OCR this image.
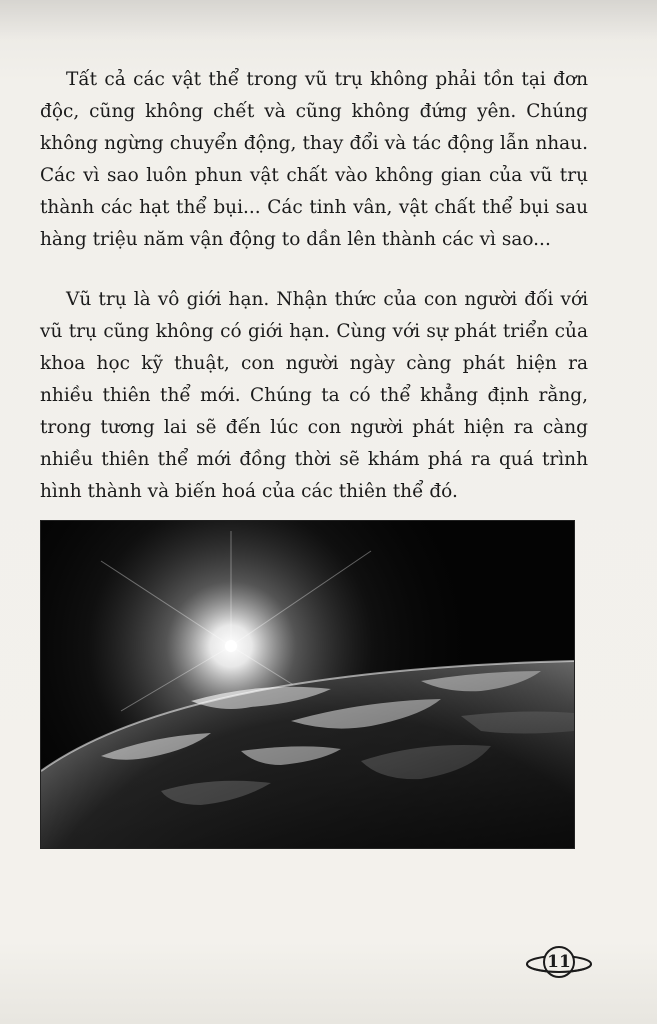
Tất cả các vật thể trong vũ trụ không phải tồn tại đơn độc, cũng không chết và cũng không đứng yên. Chúng không ngừng chuyển động, thay đổi và tác động lẫn nhau. Các vì sao luôn phun vật chất vào không gian của vũ trụ thành các hạt thể bụi... Các tinh vân, vật chất thể bụi sau hàng triệu năm vận động to dần lên thành các vì sao...

Vũ trụ là vô giới hạn. Nhận thức của con người đối với vũ trụ cũng không có giới hạn. Cùng với sự phát triển của khoa học kỹ thuật, con người ngày càng phát hiện ra nhiều thiên thể mới. Chúng ta có thể khẳng định rằng, trong tương lai sẽ đến lúc con người phát hiện ra càng nhiều thiên thể mới đồng thời sẽ khám phá ra quá trình hình thành và biến hoá của các thiên thể đó.

11
